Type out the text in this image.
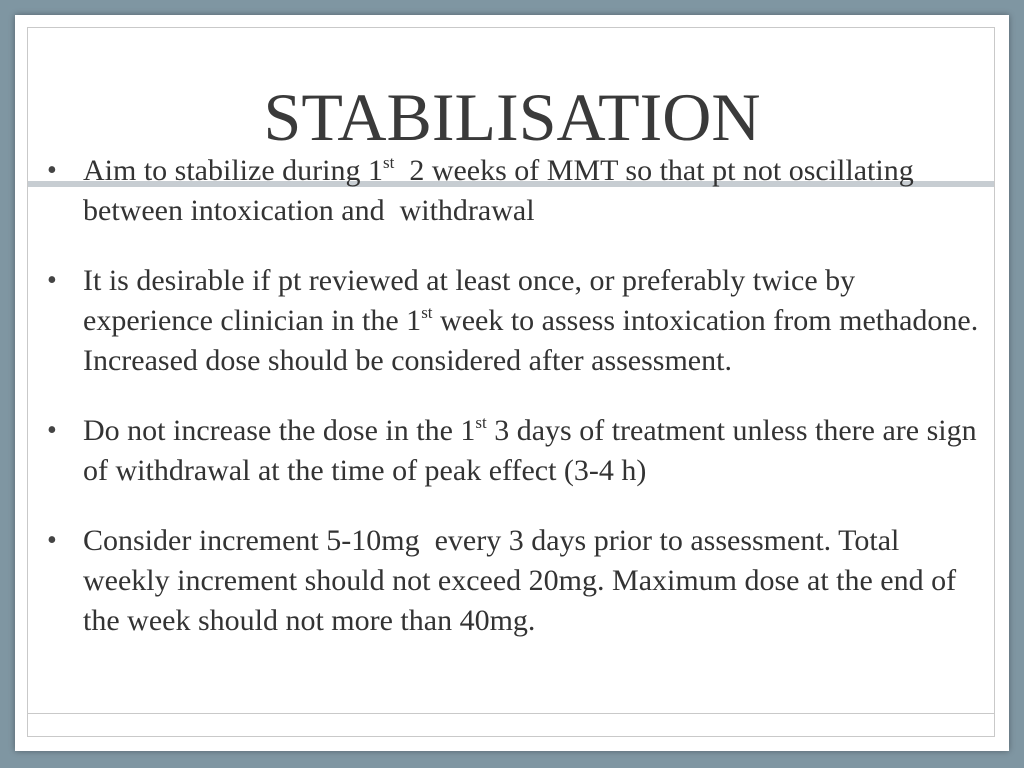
STABILISATION
• Aim to stabilize during 1st  2 weeks of MMT so that pt not oscillating between intoxication and  withdrawal
• It is desirable if pt reviewed at least once, or preferably twice by experience clinician in the 1st week to assess intoxication from methadone. Increased dose should be considered after assessment.
• Do not increase the dose in the 1st 3 days of treatment unless there are sign of withdrawal at the time of peak effect (3-4 h)
• Consider increment 5-10mg  every 3 days prior to assessment. Total weekly increment should not exceed 20mg. Maximum dose at the end of the week should not more than 40mg.
